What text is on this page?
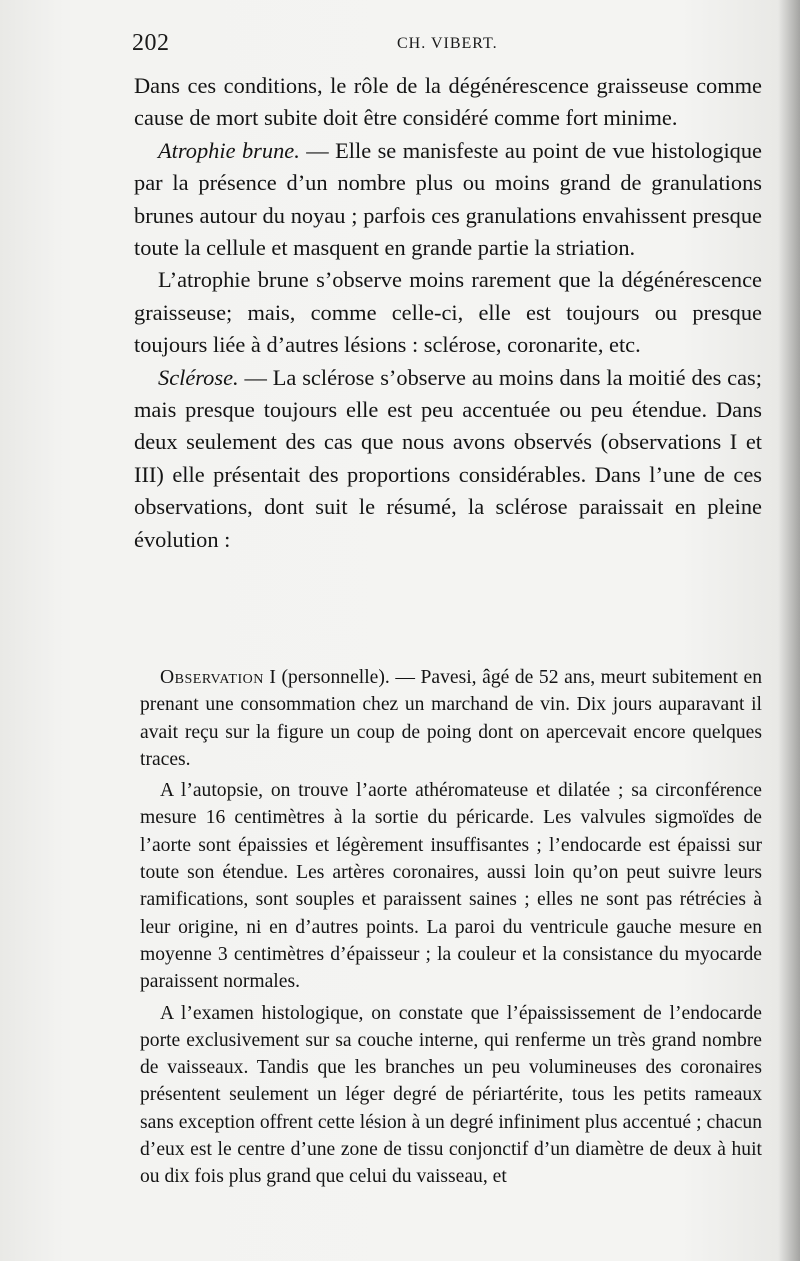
202	CH. VIBERT.

Dans ces conditions, le rôle de la dégénérescence graisseuse comme cause de mort subite doit être considéré comme fort minime.

Atrophie brune. — Elle se manisfeste au point de vue histologique par la présence d’un nombre plus ou moins grand de granulations brunes autour du noyau ; parfois ces granulations envahissent presque toute la cellule et masquent en grande partie la striation.

L’atrophie brune s’observe moins rarement que la dégénérescence graisseuse; mais, comme celle-ci, elle est toujours ou presque toujours liée à d’autres lésions : sclérose, coronarite, etc.

Sclérose. — La sclérose s’observe au moins dans la moitié des cas; mais presque toujours elle est peu accentuée ou peu étendue. Dans deux seulement des cas que nous avons observés (observations I et III) elle présentait des proportions considérables. Dans l’une de ces observations, dont suit le résumé, la sclérose paraissait en pleine évolution :

Observation I (personnelle). — Pavesi, âgé de 52 ans, meurt subitement en prenant une consommation chez un marchand de vin. Dix jours auparavant il avait reçu sur la figure un coup de poing dont on apercevait encore quelques traces.

A l’autopsie, on trouve l’aorte athéromateuse et dilatée ; sa circonférence mesure 16 centimètres à la sortie du péricarde. Les valvules sigmoïdes de l’aorte sont épaissies et légèrement insuffisantes ; l’endocarde est épaissi sur toute son étendue. Les artères coronaires, aussi loin qu’on peut suivre leurs ramifications, sont souples et paraissent saines ; elles ne sont pas rétrécies à leur origine, ni en d’autres points. La paroi du ventricule gauche mesure en moyenne 3 centimètres d’épaisseur ; la couleur et la consistance du myocarde paraissent normales.

A l’examen histologique, on constate que l’épaississement de l’endocarde porte exclusivement sur sa couche interne, qui renferme un très grand nombre de vaisseaux. Tandis que les branches un peu volumineuses des coronaires présentent seulement un léger degré de périartérite, tous les petits rameaux sans exception offrent cette lésion à un degré infiniment plus accentué ; chacun d’eux est le centre d’une zone de tissu conjonctif d’un diamètre de deux à huit ou dix fois plus grand que celui du vaisseau, et
